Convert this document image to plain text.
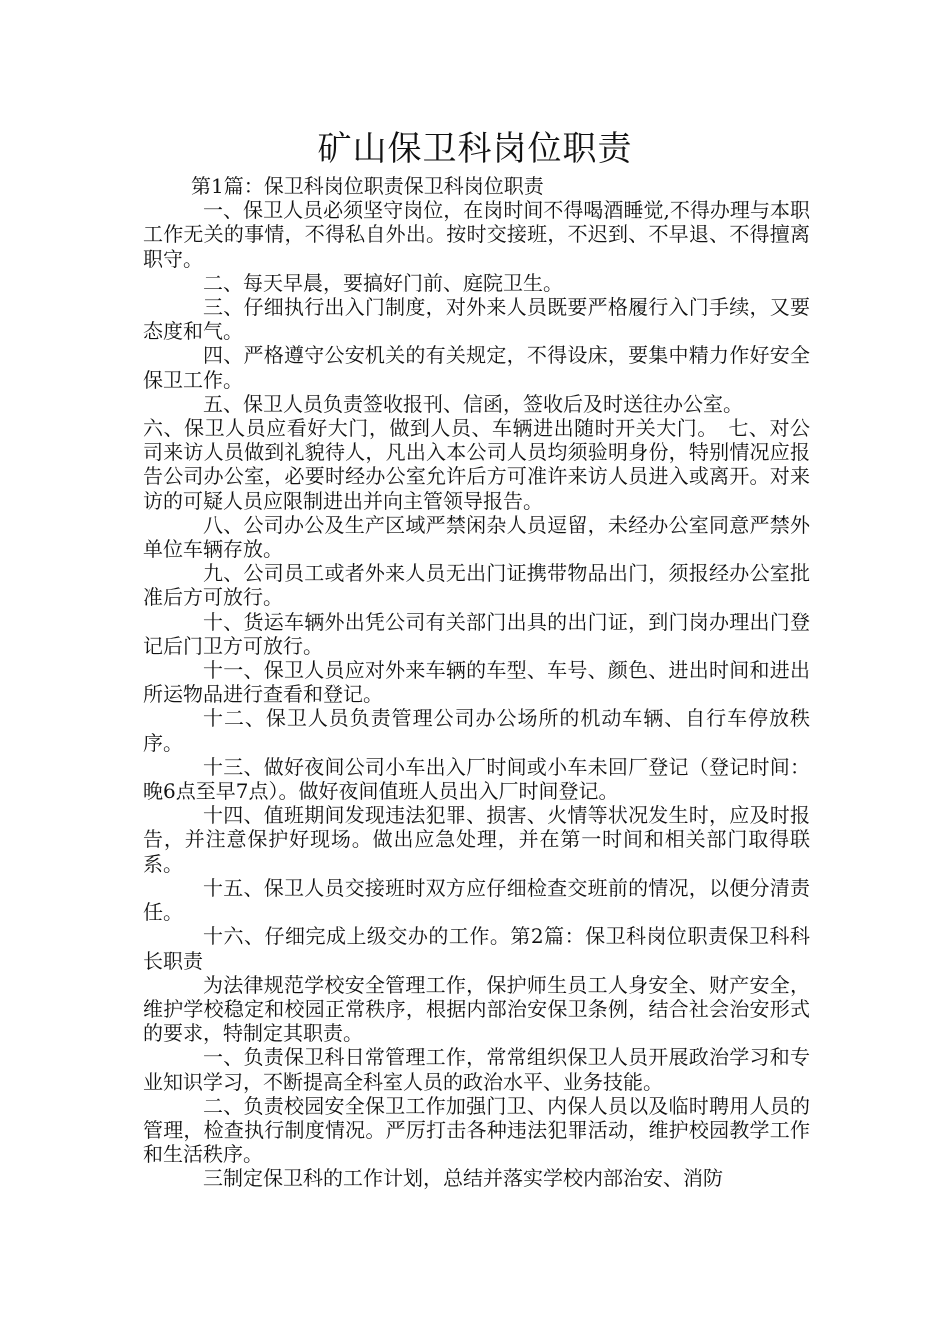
矿山保卫科岗位职责

第1篇：保卫科岗位职责保卫科岗位职责

一、保卫人员必须坚守岗位，在岗时间不得喝酒睡觉,不得办理与本职工作无关的事情，不得私自外出。按时交接班，不迟到、不早退、不得擅离职守。

二、每天早晨，要搞好门前、庭院卫生。

三、仔细执行出入门制度，对外来人员既要严格履行入门手续，又要态度和气。

四、严格遵守公安机关的有关规定，不得设床，要集中精力作好安全保卫工作。

五、保卫人员负责签收报刊、信函，签收后及时送往办公室。

六、保卫人员应看好大门，做到人员、车辆进出随时开关大门。　七、对公司来访人员做到礼貌待人，凡出入本公司人员均须验明身份，特别情况应报告公司办公室，必要时经办公室允许后方可准许来访人员进入或离开。对来访的可疑人员应限制进出并向主管领导报告。

八、公司办公及生产区域严禁闲杂人员逗留，未经办公室同意严禁外单位车辆存放。

九、公司员工或者外来人员无出门证携带物品出门，须报经办公室批准后方可放行。

十、货运车辆外出凭公司有关部门出具的出门证，到门岗办理出门登记后门卫方可放行。

十一、保卫人员应对外来车辆的车型、车号、颜色、进出时间和进出所运物品进行查看和登记。

十二、保卫人员负责管理公司办公场所的机动车辆、自行车停放秩序。

十三、做好夜间公司小车出入厂时间或小车未回厂登记（登记时间：晚6点至早7点）。做好夜间值班人员出入厂时间登记。

十四、值班期间发现违法犯罪、损害、火情等状况发生时，应及时报告，并注意保护好现场。做出应急处理，并在第一时间和相关部门取得联系。

十五、保卫人员交接班时双方应仔细检查交班前的情况，以便分清责任。

十六、仔细完成上级交办的工作。第2篇：保卫科岗位职责保卫科科长职责

为法律规范学校安全管理工作，保护师生员工人身安全、财产安全，维护学校稳定和校园正常秩序，根据内部治安保卫条例，结合社会治安形式的要求，特制定其职责。

一、负责保卫科日常管理工作，常常组织保卫人员开展政治学习和专业知识学习，不断提高全科室人员的政治水平、业务技能。

二、负责校园安全保卫工作加强门卫、内保人员以及临时聘用人员的管理，检查执行制度情况。严厉打击各种违法犯罪活动，维护校园教学工作和生活秩序。

三制定保卫科的工作计划，总结并落实学校内部治安、消防
